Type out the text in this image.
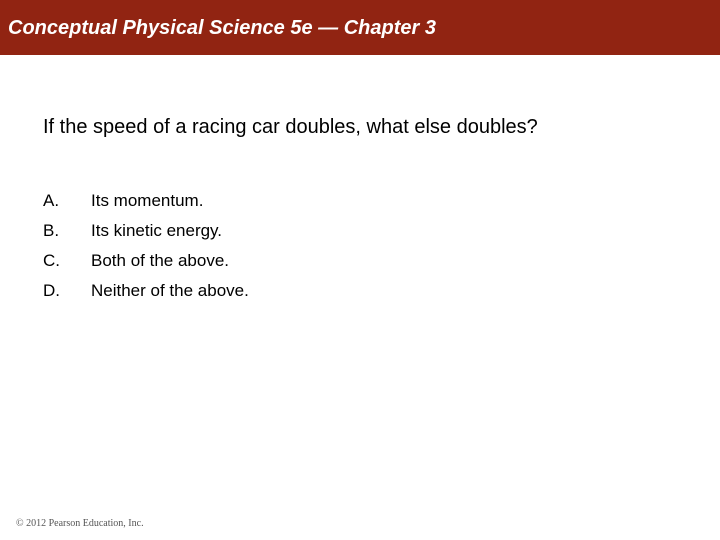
Conceptual Physical Science 5e — Chapter 3
If the speed of a racing car doubles, what else doubles?
A.	Its momentum.
B.	Its kinetic energy.
C.	Both of the above.
D.	Neither of the above.
© 2012 Pearson Education, Inc.
